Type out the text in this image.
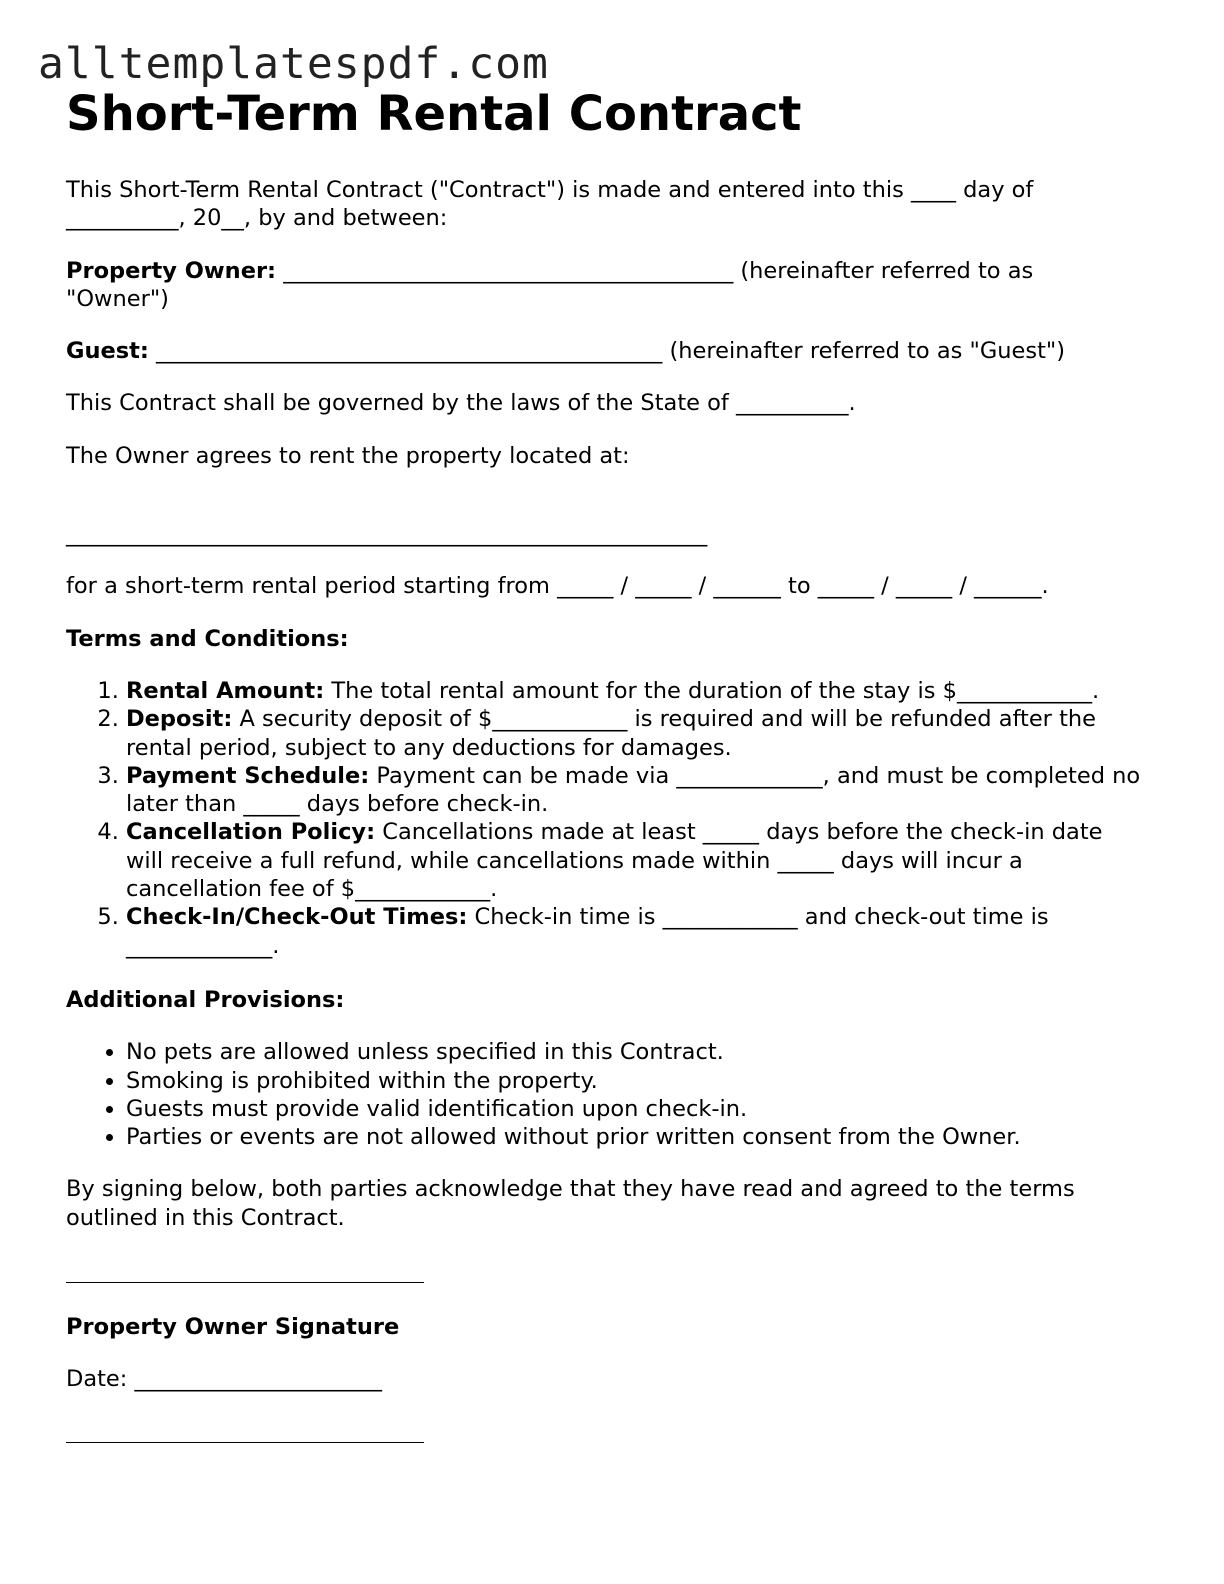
alltemplatespdf.com
Short-Term Rental Contract

This Short-Term Rental Contract ("Contract") is made and entered into this ____ day of __________, 20__, by and between:

Property Owner: ________________________________________ (hereinafter referred to as "Owner")

Guest: _____________________________________________ (hereinafter referred to as "Guest")

This Contract shall be governed by the laws of the State of __________.

The Owner agrees to rent the property located at:

_________________________________________________________

for a short-term rental period starting from _____ / _____ / ______ to _____ / _____ / ______.

Terms and Conditions:

1. Rental Amount: The total rental amount for the duration of the stay is $____________.
2. Deposit: A security deposit of $____________ is required and will be refunded after the rental period, subject to any deductions for damages.
3. Payment Schedule: Payment can be made via _____________, and must be completed no later than _____ days before check-in.
4. Cancellation Policy: Cancellations made at least _____ days before the check-in date will receive a full refund, while cancellations made within _____ days will incur a cancellation fee of $____________.
5. Check-In/Check-Out Times: Check-in time is ____________ and check-out time is _____________.

Additional Provisions:

• No pets are allowed unless specified in this Contract.
• Smoking is prohibited within the property.
• Guests must provide valid identification upon check-in.
• Parties or events are not allowed without prior written consent from the Owner.

By signing below, both parties acknowledge that they have read and agreed to the terms outlined in this Contract.

Property Owner Signature

Date: ______________________
